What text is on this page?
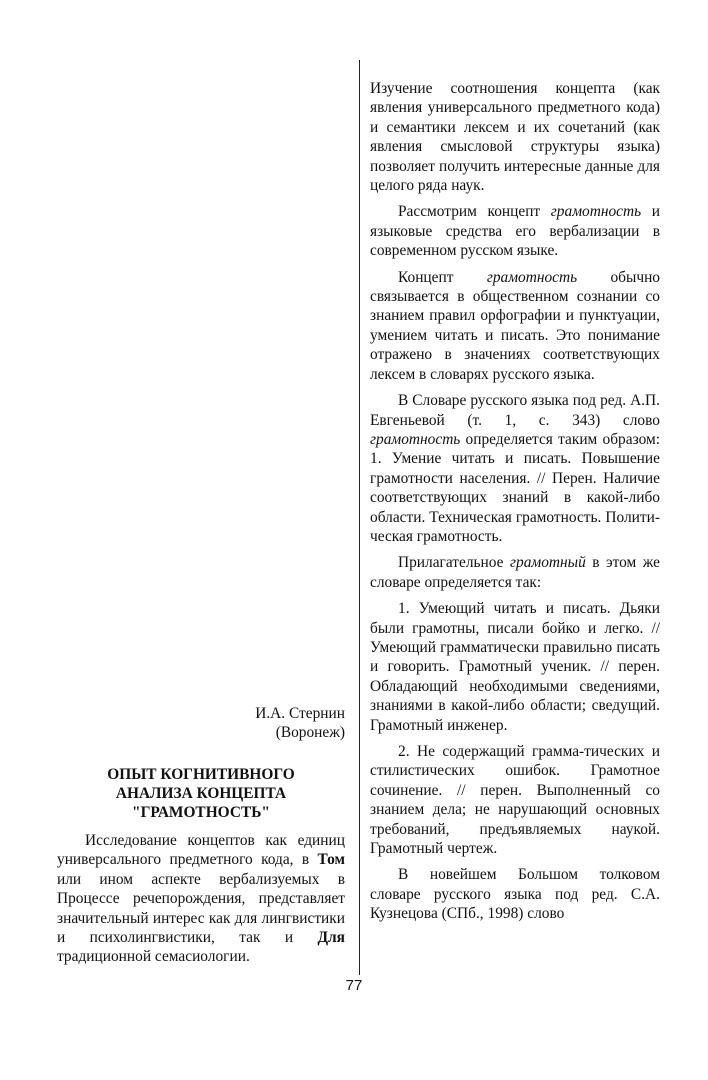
И.А. Стернин
(Воронеж)
ОПЫТ КОГНИТИВНОГО
АНАЛИЗА КОНЦЕПТА
"ГРАМОТНОСТЬ"

Исследование концептов как единиц универсального предметного кода, в Том или ином аспекте вербализуемых в Процессе речепорождения, представляет значительный интерес как для лингвистики и психолингвистики, так и Для традиционной семасиологии.

Изучение соотношения концепта (как явления универсального предметного кода) и семантики лексем и их сочетаний (как явления смысловой структуры языка) позволяет получить интересные данные для целого ряда наук.

Рассмотрим концепт грамотность и языковые средства его вербализации в современном русском языке.

Концепт грамотность обычно связывается в общественном сознании со знанием правил орфографии и пунктуации, умением читать и писать. Это понимание отражено в значениях соответствующих лексем в словарях русского языка.

В Словаре русского языка под ред. А.П. Евгеньевой (т. 1, с. 343) слово грамотность определяется таким образом: 1. Умение читать и писать. Повышение грамотности населения. // Перен. Наличие соответствующих знаний в какой-либо области. Техническая грамотность. Полити-ческая грамотность.

Прилагательное грамотный в этом же словаре определяется так:

1. Умеющий читать и писать. Дьяки были грамотны, писали бойко и легко. // Умеющий грамматически правильно писать и говорить. Грамотный ученик. // перен. Обладающий необходимыми сведениями, знаниями в какой-либо области; сведущий. Грамотный инженер.

2. Не содержащий грамма-тических и стилистических ошибок. Грамотное сочинение. // перен. Выполненный со знанием дела; не нарушающий основных требований, предъявляемых наукой. Грамотный чертеж.

В новейшем Большом толковом словаре русского языка под ред. С.А. Кузнецова (СПб., 1998) слово

77
